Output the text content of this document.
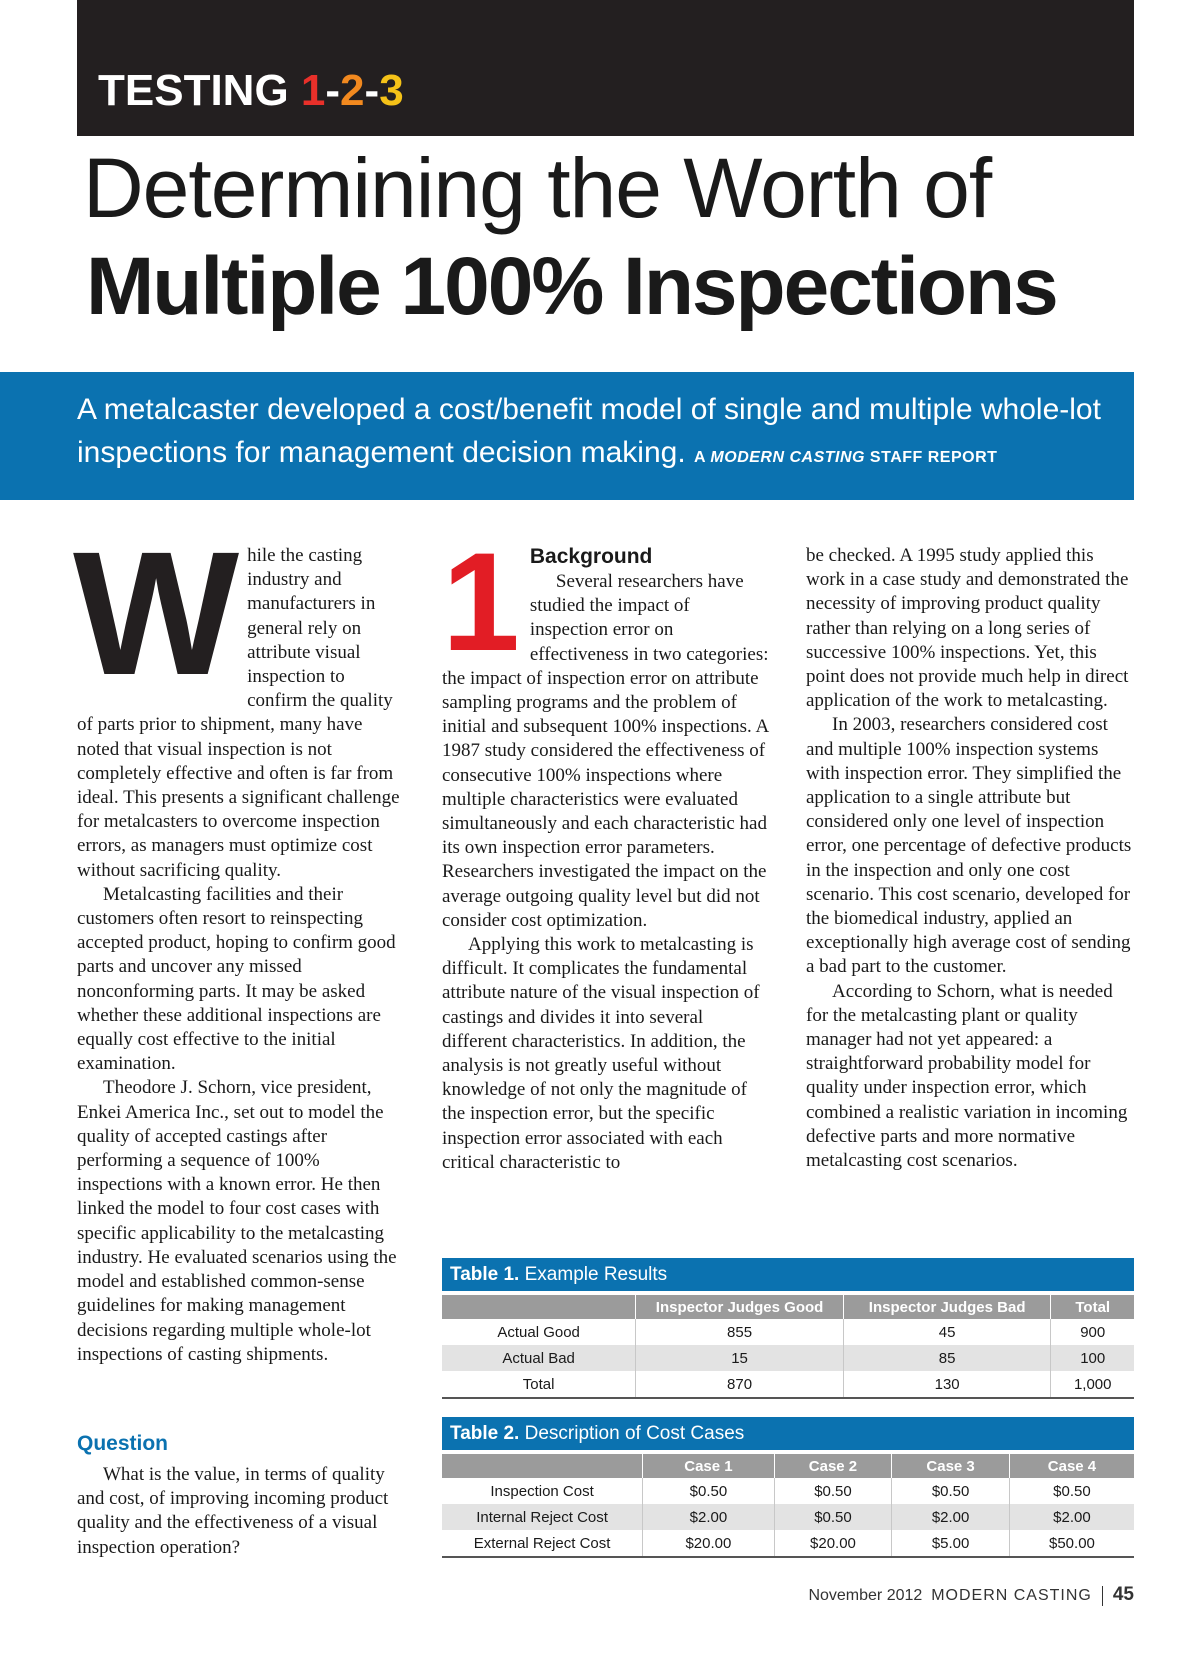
TESTING 1-2-3
Determining the Worth of
Multiple 100% Inspections
A metalcaster developed a cost/benefit model of single and multiple whole-lot inspections for management decision making. A MODERN CASTING STAFF REPORT
W hile the casting industry and manufacturers in general rely on attribute visual inspection to confirm the quality of parts prior to shipment, many have noted that visual inspection is not completely effective and often is far from ideal. This presents a significant challenge for metalcasters to overcome inspection errors, as managers must optimize cost without sacrificing quality.

Metalcasting facilities and their customers often resort to reinspecting accepted product, hoping to confirm good parts and uncover any missed nonconforming parts. It may be asked whether these additional inspections are equally cost effective to the initial examination.

Theodore J. Schorn, vice president, Enkei America Inc., set out to model the quality of accepted castings after performing a sequence of 100% inspections with a known error. He then linked the model to four cost cases with specific applicability to the metalcasting industry. He evaluated scenarios using the model and established common-sense guidelines for making management decisions regarding multiple whole-lot inspections of casting shipments.

Question

What is the value, in terms of quality and cost, of improving incoming product quality and the effectiveness of a visual inspection operation?

1 Background

Several researchers have studied the impact of inspection error on effectiveness in two categories: the impact of inspection error on attribute sampling programs and the problem of initial and subsequent 100% inspections. A 1987 study considered the effectiveness of consecutive 100% inspections where multiple characteristics were evaluated simultaneously and each characteristic had its own inspection error parameters. Researchers investigated the impact on the average outgoing quality level but did not consider cost optimization.

Applying this work to metalcasting is difficult. It complicates the fundamental attribute nature of the visual inspection of castings and divides it into several different characteristics. In addition, the analysis is not greatly useful without knowledge of not only the magnitude of the inspection error, but the specific inspection error associated with each critical characteristic to

be checked. A 1995 study applied this work in a case study and demonstrated the necessity of improving product quality rather than relying on a long series of successive 100% inspections. Yet, this point does not provide much help in direct application of the work to metalcasting.

In 2003, researchers considered cost and multiple 100% inspection systems with inspection error. They simplified the application to a single attribute but considered only one level of inspection error, one percentage of defective products in the inspection and only one cost scenario. This cost scenario, developed for the biomedical industry, applied an exceptionally high average cost of sending a bad part to the customer.

According to Schorn, what is needed for the metalcasting plant or quality manager had not yet appeared: a straightforward probability model for quality under inspection error, which combined a realistic variation in incoming defective parts and more normative metalcasting cost scenarios.

Table 1. Example Results
	Inspector Judges Good	Inspector Judges Bad	Total
Actual Good	855	45	900
Actual Bad	15	85	100
Total	870	130	1,000
Table 2. Description of Cost Cases
	Case 1	Case 2	Case 3	Case 4
Inspection Cost	$0.50	$0.50	$0.50	$0.50
Internal Reject Cost	$2.00	$0.50	$2.00	$2.00
External Reject Cost	$20.00	$20.00	$5.00	$50.00
November 2012 MODERN CASTING 45
